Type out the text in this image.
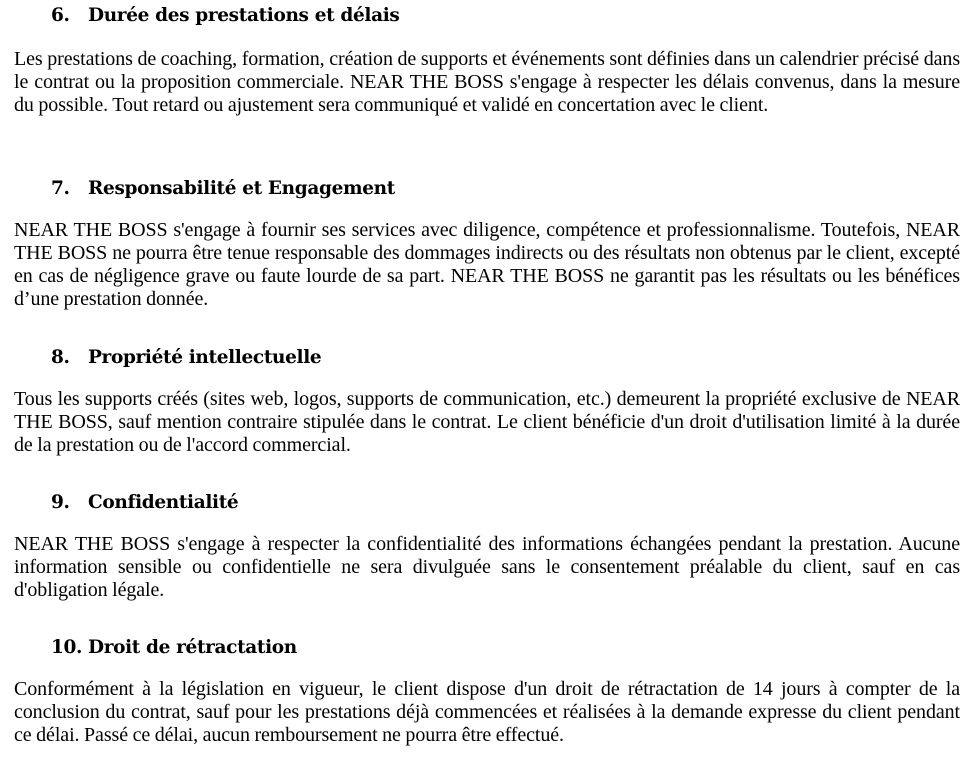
6. Durée des prestations et délais

Les prestations de coaching, formation, création de supports et événements sont définies dans un calendrier précisé dans le contrat ou la proposition commerciale. NEAR THE BOSS s'engage à respecter les délais convenus, dans la mesure du possible. Tout retard ou ajustement sera communiqué et validé en concertation avec le client.

7. Responsabilité et Engagement

NEAR THE BOSS s'engage à fournir ses services avec diligence, compétence et professionnalisme. Toutefois, NEAR THE BOSS ne pourra être tenue responsable des dommages indirects ou des résultats non obtenus par le client, excepté en cas de négligence grave ou faute lourde de sa part. NEAR THE BOSS ne garantit pas les résultats ou les bénéfices d’une prestation donnée.

8. Propriété intellectuelle

Tous les supports créés (sites web, logos, supports de communication, etc.) demeurent la propriété exclusive de NEAR THE BOSS, sauf mention contraire stipulée dans le contrat. Le client bénéficie d'un droit d'utilisation limité à la durée de la prestation ou de l'accord commercial.

9. Confidentialité

NEAR THE BOSS s'engage à respecter la confidentialité des informations échangées pendant la prestation. Aucune information sensible ou confidentielle ne sera divulguée sans le consentement préalable du client, sauf en cas d'obligation légale.

10. Droit de rétractation

Conformément à la législation en vigueur, le client dispose d'un droit de rétractation de 14 jours à compter de la conclusion du contrat, sauf pour les prestations déjà commencées et réalisées à la demande expresse du client pendant ce délai. Passé ce délai, aucun remboursement ne pourra être effectué.
